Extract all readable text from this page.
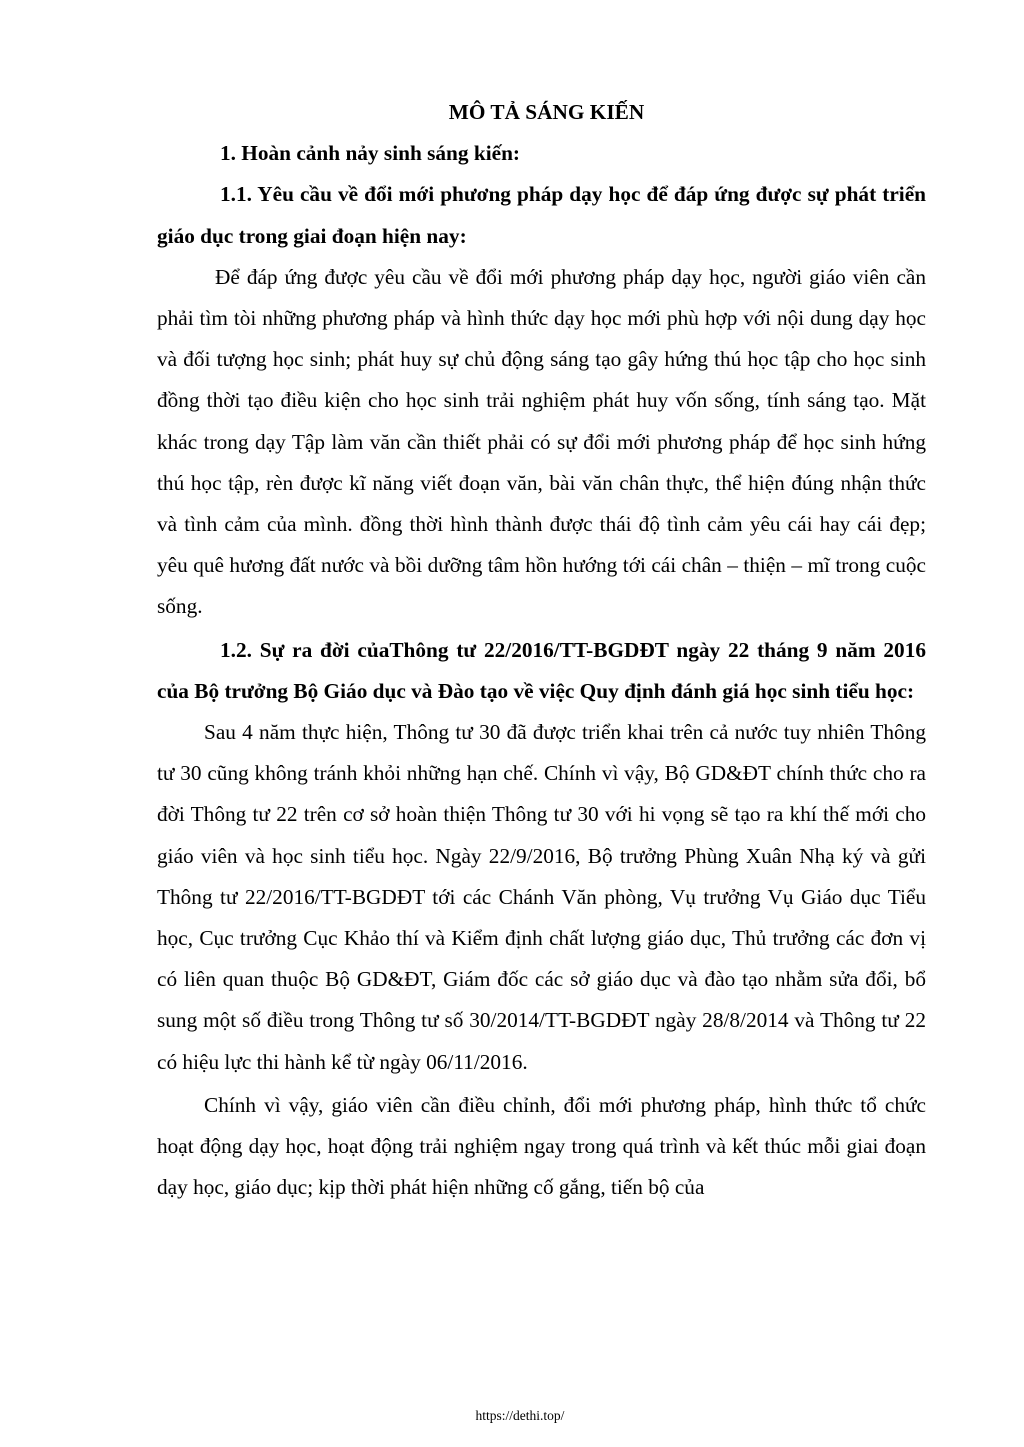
MÔ TẢ SÁNG KIẾN

1. Hoàn cảnh nảy sinh sáng kiến:

1.1. Yêu cầu về đổi mới phương pháp dạy học để đáp ứng được sự phát triển giáo dục trong giai đoạn hiện nay:

Để đáp ứng được yêu cầu về đổi mới phương pháp dạy học, người giáo viên cần phải tìm tòi những phương pháp và hình thức dạy học mới phù hợp với nội dung dạy học và đối tượng học sinh; phát huy sự chủ động sáng tạo gây hứng thú học tập cho học sinh đồng thời tạo điều kiện cho học sinh trải nghiệm phát huy vốn sống, tính sáng tạo. Mặt khác trong dạy Tập làm văn cần thiết phải có sự đổi mới phương pháp để học sinh hứng thú học tập, rèn được kĩ năng viết đoạn văn, bài văn chân thực, thể hiện đúng nhận thức và tình cảm của mình. đồng thời hình thành được thái độ tình cảm yêu cái hay cái đẹp; yêu quê hương đất nước và bồi dưỡng tâm hồn hướng tới cái chân – thiện – mĩ trong cuộc sống.

1.2. Sự ra đời củaThông tư 22/2016/TT-BGDĐT ngày 22 tháng 9 năm 2016 của Bộ trưởng Bộ Giáo dục và Đào tạo về việc Quy định đánh giá học sinh tiểu học:

Sau 4 năm thực hiện, Thông tư 30 đã được triển khai trên cả nước tuy nhiên Thông tư 30 cũng không tránh khỏi những hạn chế. Chính vì vậy, Bộ GD&ĐT chính thức cho ra đời Thông tư 22 trên cơ sở hoàn thiện Thông tư 30 với hi vọng sẽ tạo ra khí thế mới cho giáo viên và học sinh tiểu học. Ngày 22/9/2016, Bộ trưởng Phùng Xuân Nhạ ký và gửi Thông tư 22/2016/TT-BGDĐT tới các Chánh Văn phòng, Vụ trưởng Vụ Giáo dục Tiểu học, Cục trưởng Cục Khảo thí và Kiểm định chất lượng giáo dục, Thủ trưởng các đơn vị có liên quan thuộc Bộ GD&ĐT, Giám đốc các sở giáo dục và đào tạo nhằm sửa đổi, bổ sung một số điều trong Thông tư số 30/2014/TT-BGDĐT ngày 28/8/2014 và Thông tư 22 có hiệu lực thi hành kể từ ngày 06/11/2016.

Chính vì vậy, giáo viên cần điều chỉnh, đổi mới phương pháp, hình thức tổ chức hoạt động dạy học, hoạt động trải nghiệm ngay trong quá trình và kết thúc mỗi giai đoạn dạy học, giáo dục; kịp thời phát hiện những cố gắng, tiến bộ của

https://dethi.top/
